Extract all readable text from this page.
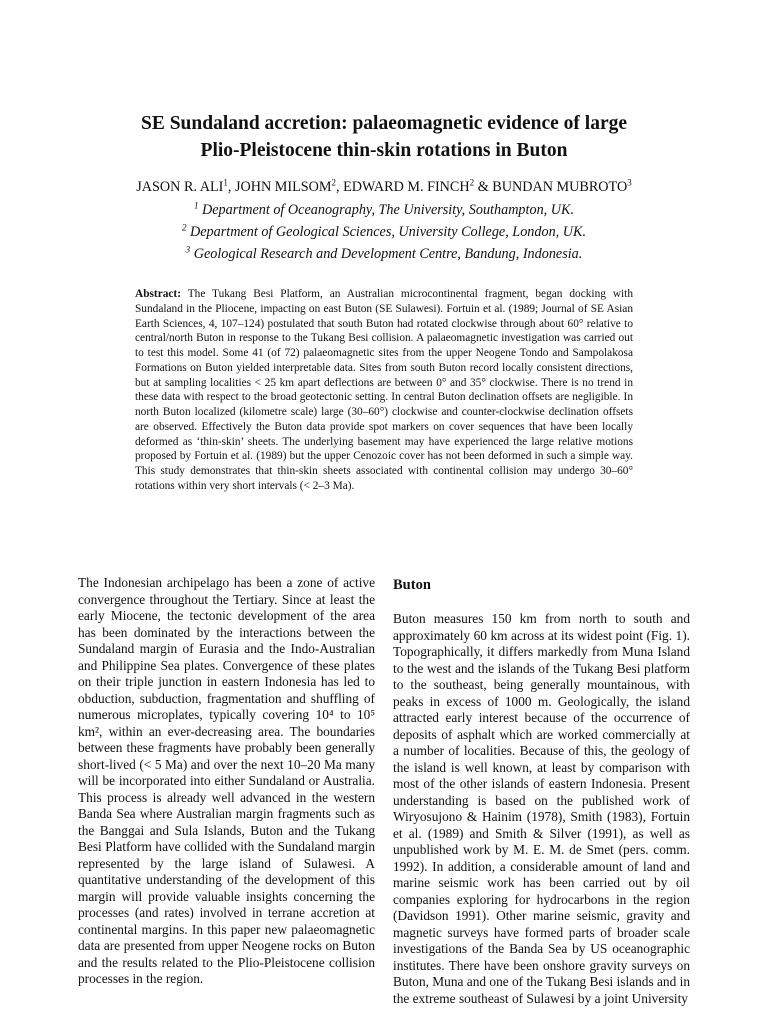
SE Sundaland accretion: palaeomagnetic evidence of large
Plio-Pleistocene thin-skin rotations in Buton
JASON R. ALI$^1$, JOHN MILSOM$^2$, EDWARD M. FINCH$^2$ & BUNDAN MUBROTO$^3$
$^1$ Department of Oceanography, The University, Southampton, UK.
$^2$ Department of Geological Sciences, University College, London, UK.
$^3$ Geological Research and Development Centre, Bandung, Indonesia.

Abstract: The Tukang Besi Platform, an Australian microcontinental fragment, began docking with Sundaland in the Pliocene, impacting on east Buton (SE Sulawesi). Fortuin et al. (1989; Journal of SE Asian Earth Sciences, 4, 107–124) postulated that south Buton had rotated clockwise through about 60° relative to central/north Buton in response to the Tukang Besi collision. A palaeomagnetic investigation was carried out to test this model. Some 41 (of 72) palaeomagnetic sites from the upper Neogene Tondo and Sampolakosa Formations on Buton yielded interpretable data. Sites from south Buton record locally consistent directions, but at sampling localities < 25 km apart deflections are between 0° and 35° clockwise. There is no trend in these data with respect to the broad geotectonic setting. In central Buton declination offsets are negligible. In north Buton localized (kilometre scale) large (30–60°) clockwise and counter-clockwise declination offsets are observed. Effectively the Buton data provide spot markers on cover sequences that have been locally deformed as ‘thin-skin’ sheets. The underlying basement may have experienced the large relative motions proposed by Fortuin et al. (1989) but the upper Cenozoic cover has not been deformed in such a simple way. This study demonstrates that thin-skin sheets associated with continental collision may undergo 30–60° rotations within very short intervals (< 2–3 Ma).

The Indonesian archipelago has been a zone of active convergence throughout the Tertiary. Since at least the early Miocene, the tectonic development of the area has been dominated by the interactions between the Sundaland margin of Eurasia and the Indo-Australian and Philippine Sea plates. Convergence of these plates on their triple junction in eastern Indonesia has led to obduction, subduction, fragmentation and shuffling of numerous microplates, typically covering 10⁴ to 10⁵ km², within an ever-decreasing area. The boundaries between these fragments have probably been generally short-lived (< 5 Ma) and over the next 10–20 Ma many will be incorporated into either Sundaland or Australia. This process is already well advanced in the western Banda Sea where Australian margin fragments such as the Banggai and Sula Islands, Buton and the Tukang Besi Platform have collided with the Sundaland margin represented by the large island of Sulawesi. A quantitative understanding of the development of this margin will provide valuable insights concerning the processes (and rates) involved in terrane accretion at continental margins. In this paper new palaeomagnetic data are presented from upper Neogene rocks on Buton and the results related to the Plio-Pleistocene collision processes in the region.

Buton

Buton measures 150 km from north to south and approximately 60 km across at its widest point (Fig. 1). Topographically, it differs markedly from Muna Island to the west and the islands of the Tukang Besi platform to the southeast, being generally mountainous, with peaks in excess of 1000 m. Geologically, the island attracted early interest because of the occurrence of deposits of asphalt which are worked commercially at a number of localities. Because of this, the geology of the island is well known, at least by comparison with most of the other islands of eastern Indonesia. Present understanding is based on the published work of Wiryosujono & Hainim (1978), Smith (1983), Fortuin et al. (1989) and Smith & Silver (1991), as well as unpublished work by M. E. M. de Smet (pers. comm. 1992). In addition, a considerable amount of land and marine seismic work has been carried out by oil companies exploring for hydrocarbons in the region (Davidson 1991). Other marine seismic, gravity and magnetic surveys have formed parts of broader scale investigations of the Banda Sea by US oceanographic institutes. There have been onshore gravity surveys on Buton, Muna and one of the Tukang Besi islands and in the extreme southeast of Sulawesi by a joint University
